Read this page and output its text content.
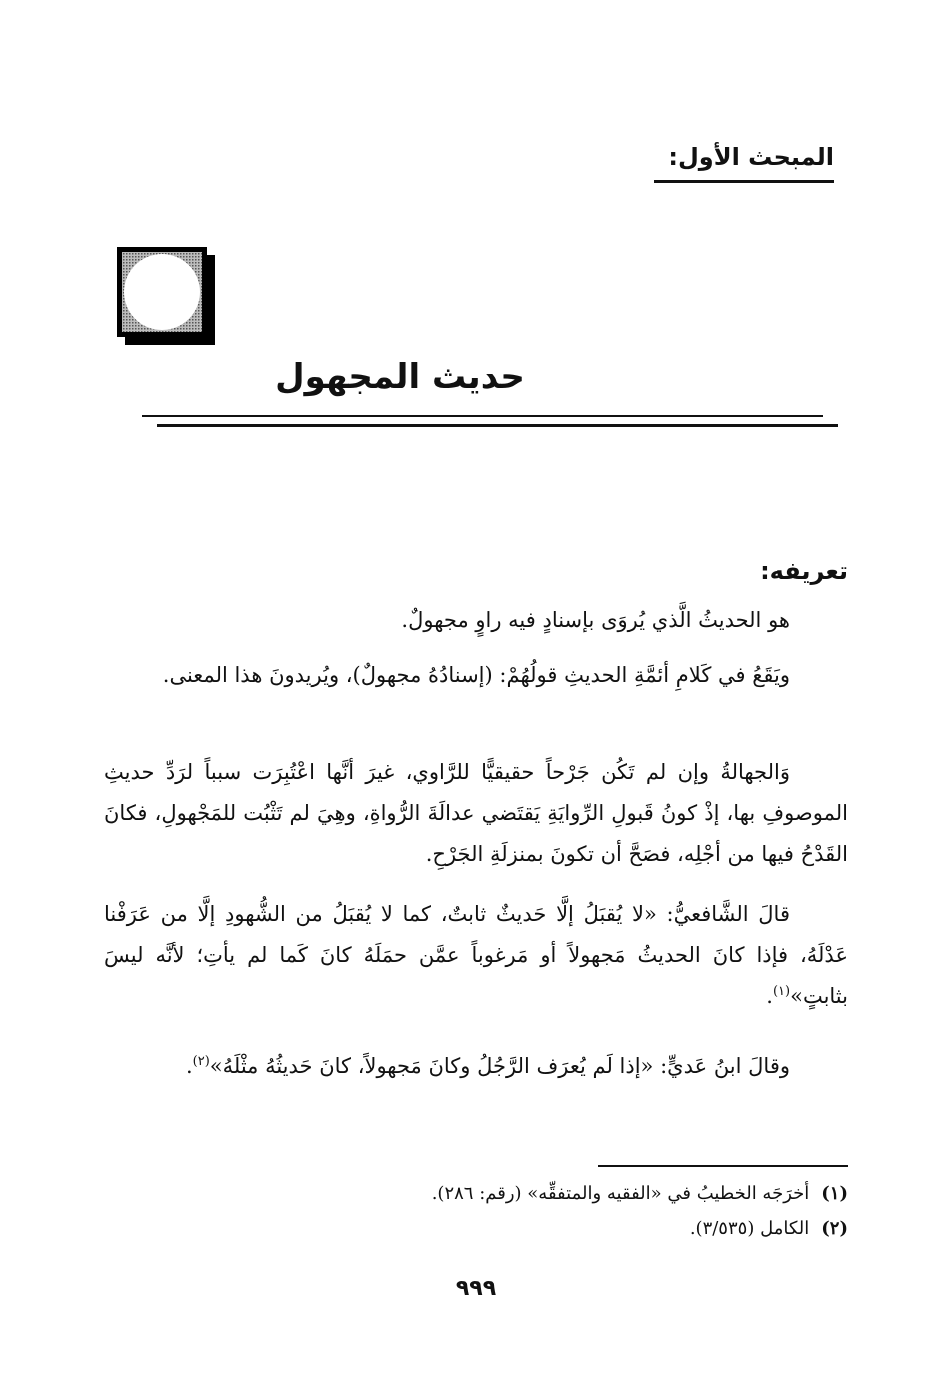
المبحث الأول:
حديث المجهول
تعريفه:
هو الحديثُ الَّذي يُروَى بإسنادٍ فيه راوٍ مجهولٌ.
ويَقَعُ في كَلامِ أئمَّةِ الحديثِ قولُهُمْ: (إسنادُهُ مجهولٌ)، ويُريدونَ هذا المعنى.
وَالجهالةُ وإن لم تَكُن جَرْحاً حقيقيًّا للرَّاوي، غيرَ أنَّها اعْتُبِرَت سبباً لرَدِّ حديثِ الموصوفِ بها، إذْ كونُ قَبولِ الرِّوايَةِ يَقتَضي عدالَةَ الرُّواةِ، وهِيَ لم تَثْبُت للمَجْهولِ، فكانَ القَدْحُ فيها من أجْلِه، فصَحَّ أن تكونَ بمنزلَةِ الجَرْحِ.
قالَ الشَّافعيُّ: «لا يُقبَلُ إلَّا حَديثٌ ثابتٌ، كما لا يُقبَلُ من الشُّهودِ إلَّا من عَرَفْنا عَدْلَهُ، فإذا كانَ الحديثُ مَجهولاً أو مَرغوباً عمَّن حمَلَهُ كانَ كَما لم يأتِ؛ لأنَّه ليسَ بثابتٍ»$^{(١)}$.
وقالَ ابنُ عَديٍّ: «إذا لَم يُعرَف الرَّجُلُ وكانَ مَجهولاً، كانَ حَديثُهُ مثْلَهُ»$^{(٢)}$.
(١)أخرَجَه الخطيبُ في «الفقيه والمتفقِّه» (رقم: ٢٨٦).
(٢)الكامل (٣/٥٣٥).
٩٩٩
